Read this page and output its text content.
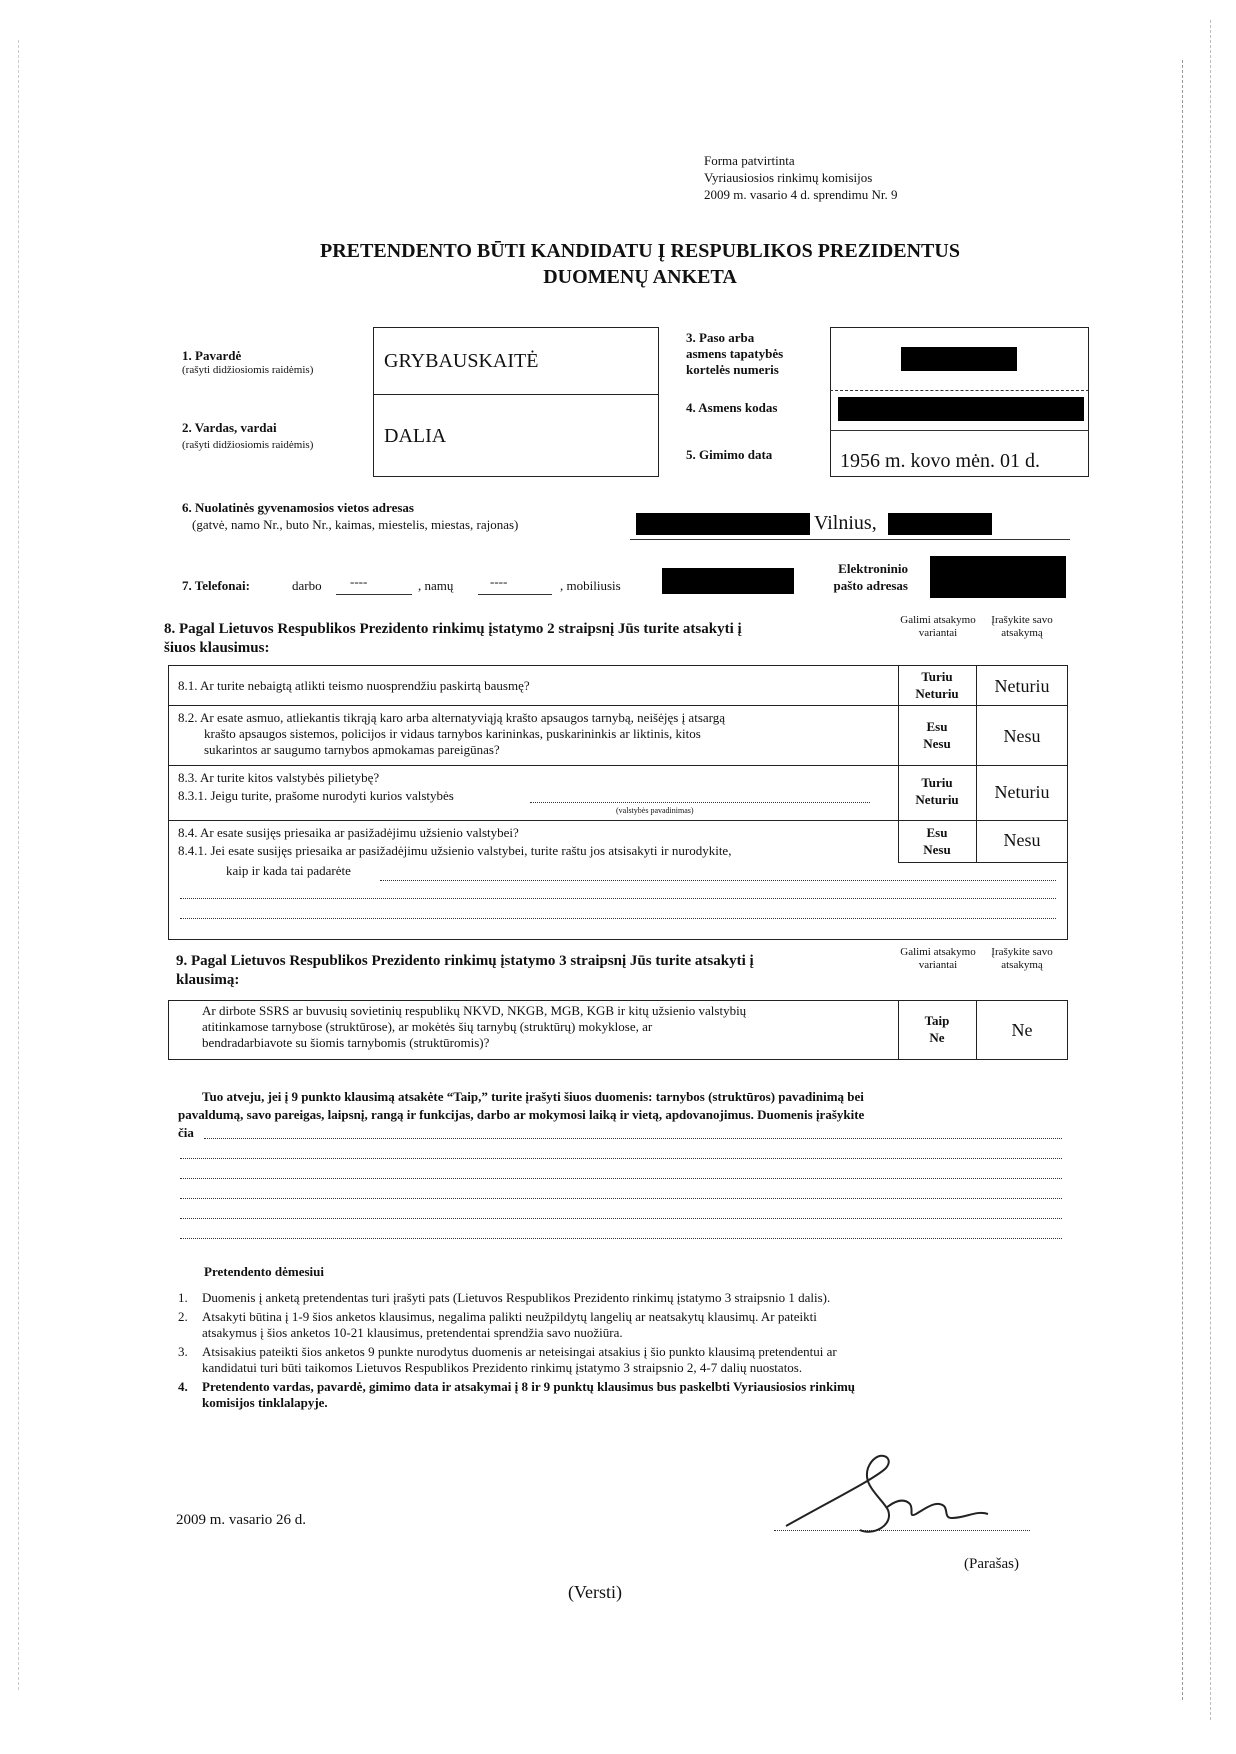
Forma patvirtinta
Vyriausiosios rinkimų komisijos
2009 m. vasario 4 d. sprendimu Nr. 9
PRETENDENTO BŪTI KANDIDATU Į RESPUBLIKOS PREZIDENTUS
DUOMENŲ ANKETA
1. Pavardė
(rašyti didžiosiomis raidėmis)
2. Vardas, vardai
(rašyti didžiosiomis raidėmis)
GRYBAUSKAITĖ
DALIA
3. Paso arba
asmens tapatybės
kortelės numeris
4. Asmens kodas
5. Gimimo data	1956 m. kovo mėn. 01 d.
6. Nuolatinės gyvenamosios vietos adresas
(gatvė, namo Nr., buto Nr., kaimas, miestelis, miestas, rajonas)	Vilnius,
7. Telefonai:	darbo ----	, namų	----	, mobiliusis
Elektroninio
pašto adresas
8. Pagal Lietuvos Respublikos Prezidento rinkimų įstatymo 2 straipsnį Jūs turite atsakyti į
šiuos klausimus:
Galimi atsakymo variantai
Įrašykite savo atsakymą
8.1. Ar turite nebaigtą atlikti teismo nuosprendžiu paskirtą bausmę?
Turiu
Neturiu	Neturiu
8.2. Ar esate asmuo, atliekantis tikrąją karo arba alternatyviąją krašto apsaugos tarnybą, neišėjęs į atsargą
krašto apsaugos sistemos, policijos ir vidaus tarnybos karininkas, puskarininkis ar liktinis, kitos
sukarintos ar saugumo tarnybos apmokamas pareigūnas?
Esu
Nesu	Nesu
8.3. Ar turite kitos valstybės pilietybę?
8.3.1. Jeigu turite, prašome nurodyti kurios valstybės
(valstybės pavadinimas)
Turiu
Neturiu	Neturiu
8.4. Ar esate susijęs priesaika ar pasižadėjimu užsienio valstybei?
8.4.1. Jei esate susijęs priesaika ar pasižadėjimu užsienio valstybei, turite raštu jos atsisakyti ir nurodykite,
kaip ir kada tai padarėte
Esu
Nesu	Nesu
9. Pagal Lietuvos Respublikos Prezidento rinkimų įstatymo 3 straipsnį Jūs turite atsakyti į
klausimą:
Galimi atsakymo variantai
Įrašykite savo atsakymą
Ar dirbote SSRS ar buvusių sovietinių respublikų NKVD, NKGB, MGB, KGB ir kitų užsienio valstybių
atitinkamose tarnybose (struktūrose), ar mokėtės šių tarnybų (struktūrų) mokyklose, ar
bendradarbiavote su šiomis tarnybomis (struktūromis)?
Taip
Ne	Ne
Tuo atveju, jei į 9 punkto klausimą atsakėte “Taip,” turite įrašyti šiuos duomenis: tarnybos (struktūros) pavadinimą bei
pavaldumą, savo pareigas, laipsnį, rangą ir funkcijas, darbo ar mokymosi laiką ir vietą, apdovanojimus. Duomenis įrašykite
čia
Pretendento dėmesiui
1.	Duomenis į anketą pretendentas turi įrašyti pats (Lietuvos Respublikos Prezidento rinkimų įstatymo 3 straipsnio 1 dalis).

2.	Atsakyti būtina į 1-9 šios anketos klausimus, negalima palikti neužpildytų langelių ar neatsakytų klausimų. Ar pateikti

atsakymus į šios anketos 10-21 klausimus, pretendentai sprendžia savo nuožiūra.

3.	Atsisakius pateikti šios anketos 9 punkte nurodytus duomenis ar neteisingai atsakius į šio punkto klausimą pretendentui ar

kandidatui turi būti taikomos Lietuvos Respublikos Prezidento rinkimų įstatymo 3 straipsnio 2, 4-7 dalių nuostatos.

4.	Pretendento vardas, pavardė, gimimo data ir atsakymai į 8 ir 9 punktų klausimus bus paskelbti Vyriausiosios rinkimų

komisijos tinklalapyje.

2009 m. vasario 26 d.
(Parašas)
(Versti)
